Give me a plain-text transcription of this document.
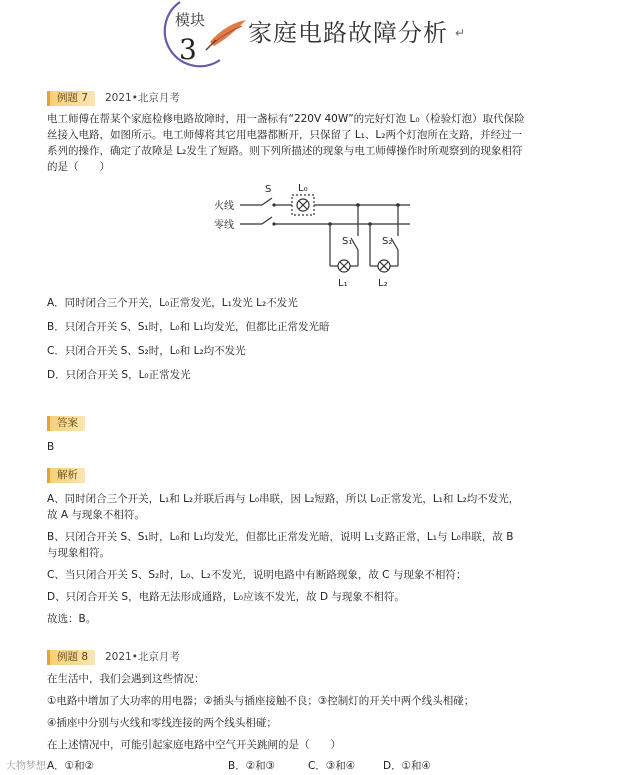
模块
3 家庭电路故障分析 ↵
例题 7	2021•北京月考
电工师傅在帮某个家庭检修电路故障时，用一盏标有“220V 40W”的完好灯泡 L₀（检验灯泡）取代保险
丝接入电路，如图所示。电工师傅将其它用电器都断开，只保留了 L₁、L₂两个灯泡所在支路，并经过一
系列的操作，确定了故障是 L₂发生了短路。则下列所描述的现象与电工师傅操作时所观察到的现象相符
的是（　　）
火线
零线
S	L₀
S₁	S₂
L₁	L₂
A．同时闭合三个开关，L₀正常发光，L₁发光 L₂不发光
B．只闭合开关 S、S₁时，L₀和 L₁均发光，但都比正常发光暗
C．只闭合开关 S、S₂时，L₀和 L₂均不发光
D．只闭合开关 S，L₀正常发光
答案
B
解析
A、同时闭合三个开关，L₁和 L₂并联后再与 L₀串联，因 L₂短路，所以 L₀正常发光，L₁和 L₂均不发光，
故 A 与现象不相符。
B、只闭合开关 S、S₁时，L₀和 L₁均发光，但都比正常发光暗，说明 L₁支路正常，L₁与 L₀串联，故 B
与现象相符。
C、当只闭合开关 S、S₂时，L₀、L₂不发光，说明电路中有断路现象，故 C 与现象不相符；
D、只闭合开关 S，电路无法形成通路，L₀应该不发光，故 D 与现象不相符。
故选：B。
例题 8	2021•北京月考
在生活中，我们会遇到这些情况：
①电路中增加了大功率的用电器；②插头与插座接触不良；③控制灯的开关中两个线头相碰；
④插座中分别与火线和零线连接的两个线头相碰；
在上述情况中，可能引起家庭电路中空气开关跳闸的是（　　）
A．①和②	B．②和③	C．③和④	D．①和④
大物梦想
